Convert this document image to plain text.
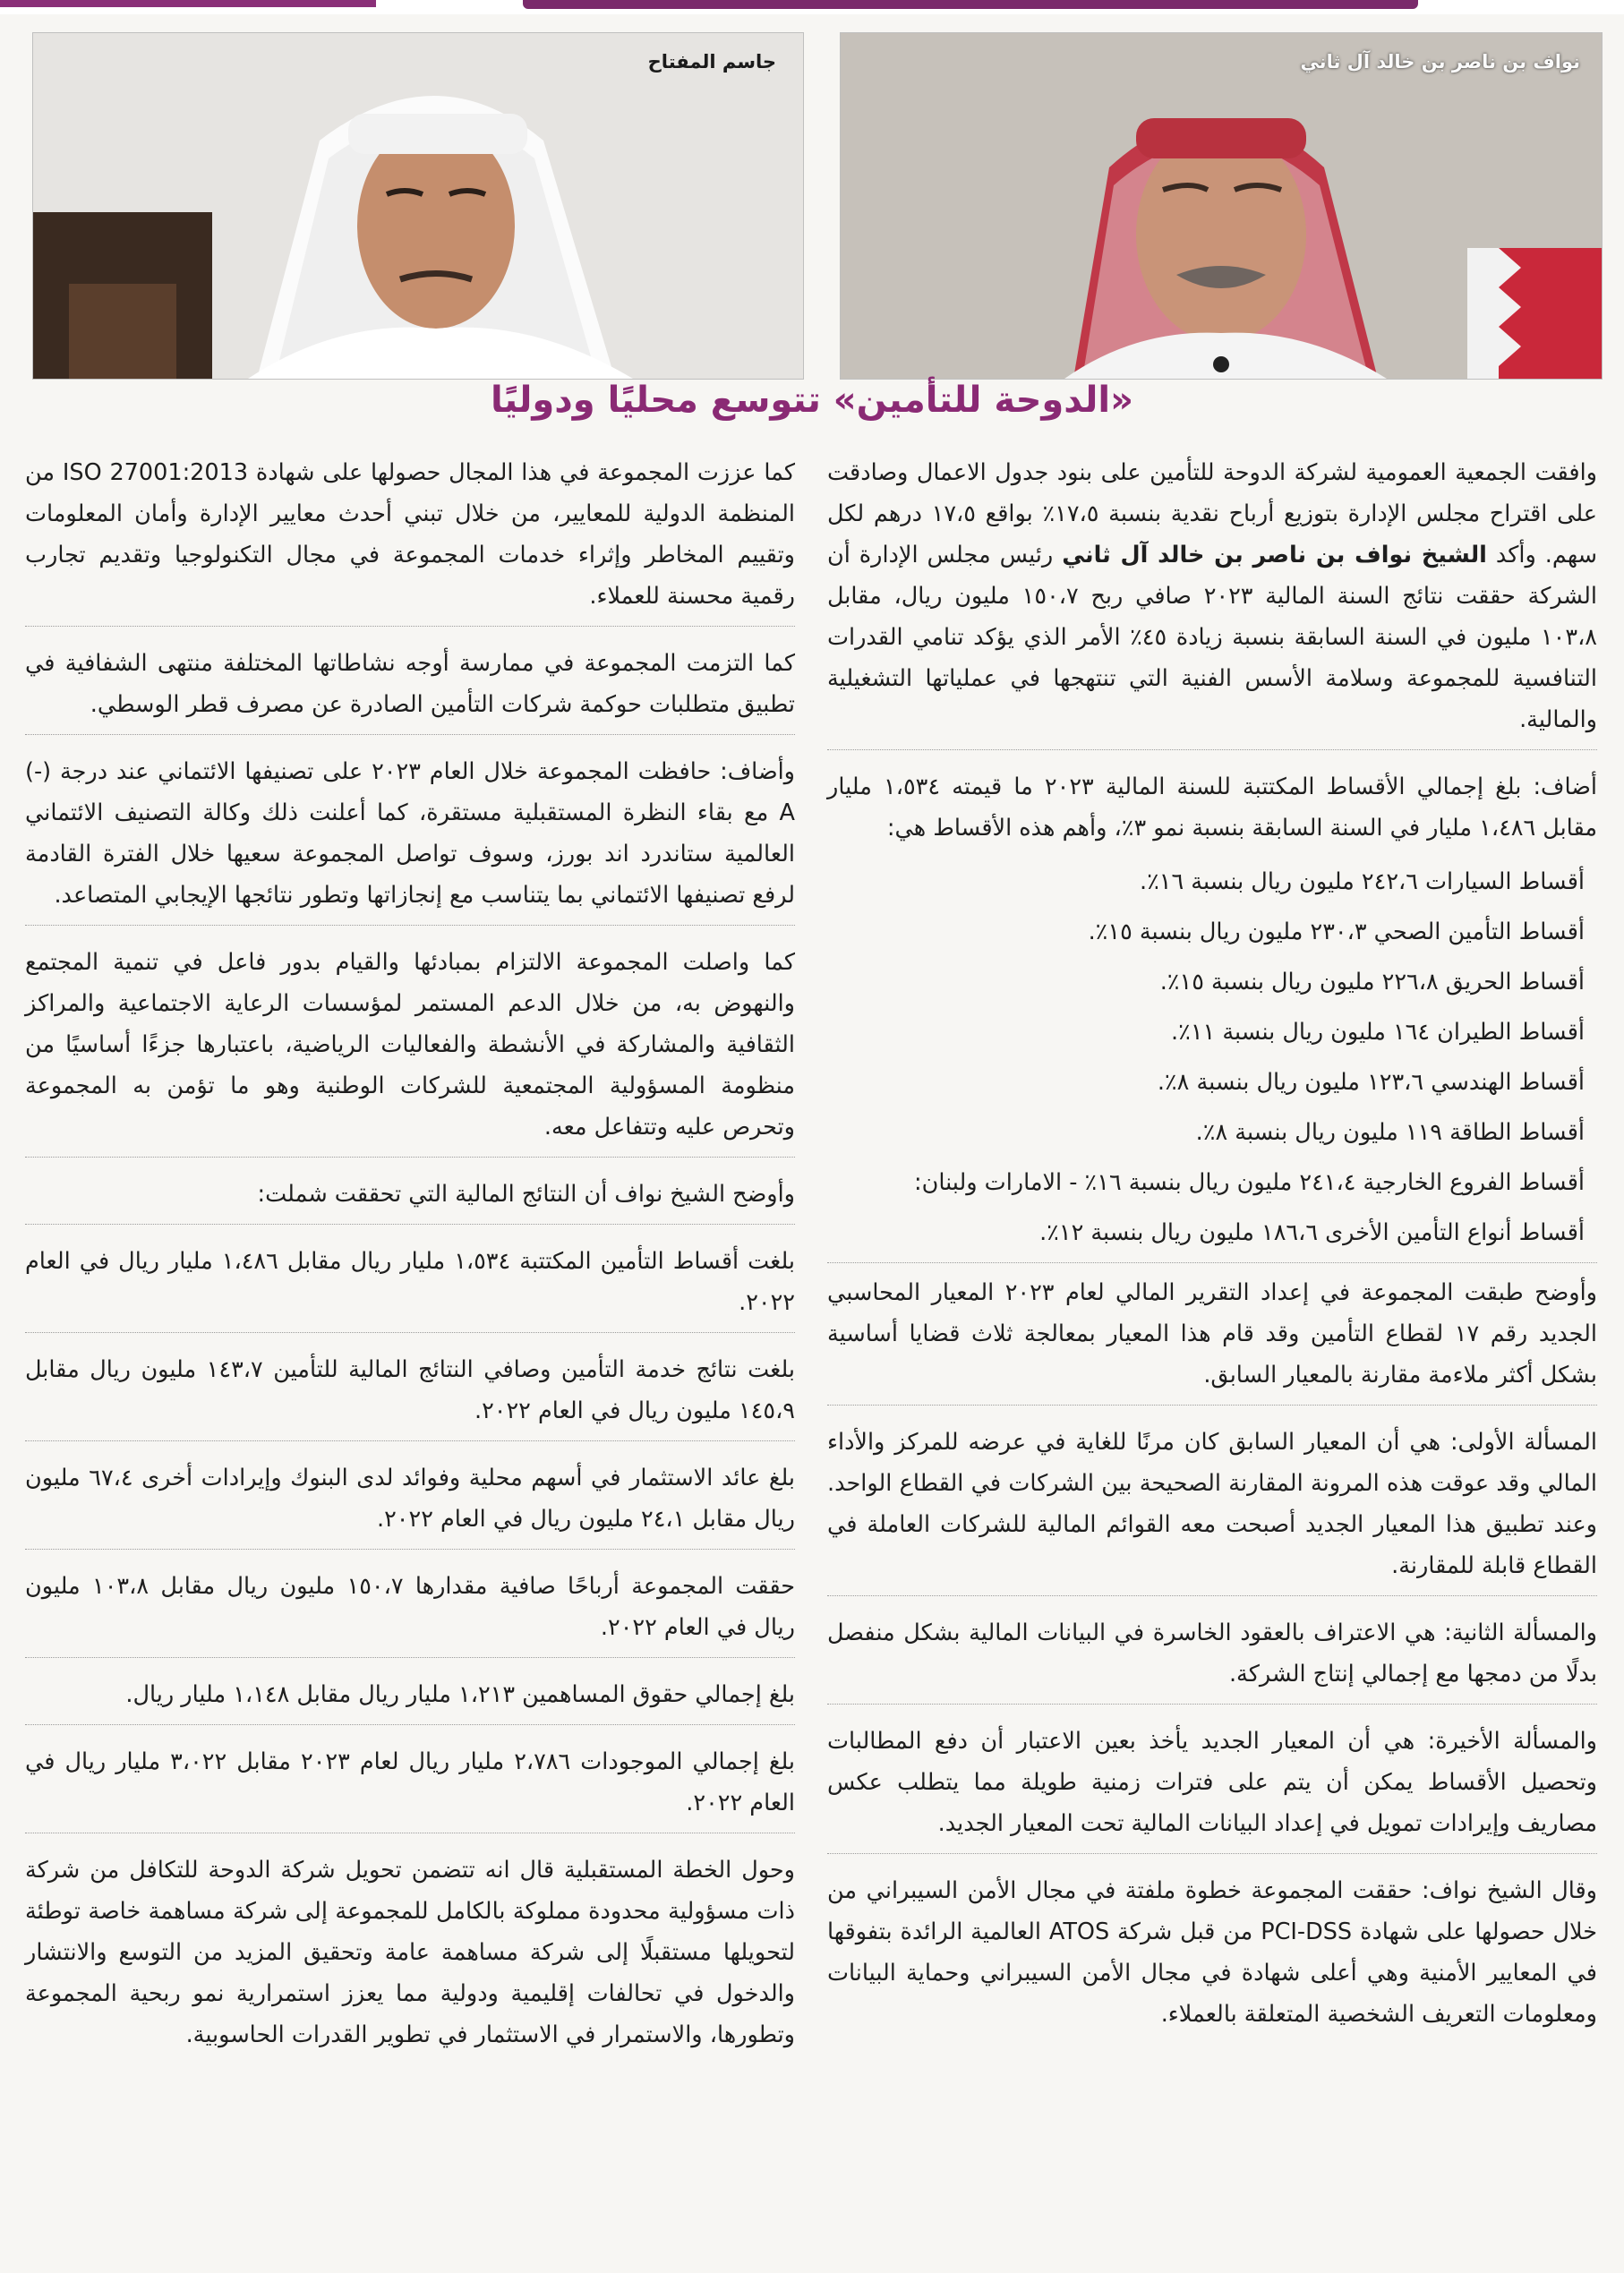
نواف بن ناصر بن خالد آل ثاني
جاسم المفتاح
«الدوحة للتأمين» تتوسع محليًا ودوليًا

وافقت الجمعية العمومية لشركة الدوحة للتأمين على بنود جدول الاعمال وصادقت على اقتراح مجلس الإدارة بتوزيع أرباح نقدية بنسبة ١٧،٥٪ بواقع ١٧،٥ درهم لكل سهم. وأكد الشيخ نواف بن ناصر بن خالد آل ثاني رئيس مجلس الإدارة أن الشركة حققت نتائج السنة المالية ٢٠٢٣ صافي ربح ١٥٠،٧ مليون ريال، مقابل ١٠٣،٨ مليون في السنة السابقة بنسبة زيادة ٤٥٪ الأمر الذي يؤكد تنامي القدرات التنافسية للمجموعة وسلامة الأسس الفنية التي تنتهجها في عملياتها التشغيلية والمالية.

أضاف: بلغ إجمالي الأقساط المكتتبة للسنة المالية ٢٠٢٣ ما قيمته ١،٥٣٤ مليار مقابل ١،٤٨٦ مليار في السنة السابقة بنسبة نمو ٣٪، وأهم هذه الأقساط هي:

أقساط السيارات ٢٤٢،٦ مليون ريال بنسبة ١٦٪.

أقساط التأمين الصحي ٢٣٠،٣ مليون ريال بنسبة ١٥٪.

أقساط الحريق ٢٢٦،٨ مليون ريال بنسبة ١٥٪.

أقساط الطيران ١٦٤ مليون ريال بنسبة ١١٪.

أقساط الهندسي ١٢٣،٦ مليون ريال بنسبة ٨٪.

أقساط الطاقة ١١٩ مليون ريال بنسبة ٨٪.

أقساط الفروع الخارجية ٢٤١،٤ مليون ريال بنسبة ١٦٪ - الامارات ولبنان:

أقساط أنواع التأمين الأخرى ١٨٦،٦ مليون ريال بنسبة ١٢٪.

وأوضح طبقت المجموعة في إعداد التقرير المالي لعام ٢٠٢٣ المعيار المحاسبي الجديد رقم ١٧ لقطاع التأمين وقد قام هذا المعيار بمعالجة ثلاث قضايا أساسية بشكل أكثر ملاءمة مقارنة بالمعيار السابق.

المسألة الأولى: هي أن المعيار السابق كان مرنًا للغاية في عرضه للمركز والأداء المالي وقد عوقت هذه المرونة المقارنة الصحيحة بين الشركات في القطاع الواحد. وعند تطبيق هذا المعيار الجديد أصبحت معه القوائم المالية للشركات العاملة في القطاع قابلة للمقارنة.

والمسألة الثانية: هي الاعتراف بالعقود الخاسرة في البيانات المالية بشكل منفصل بدلًا من دمجها مع إجمالي إنتاج الشركة.

والمسألة الأخيرة: هي أن المعيار الجديد يأخذ بعين الاعتبار أن دفع المطالبات وتحصيل الأقساط يمكن أن يتم على فترات زمنية طويلة مما يتطلب عكس مصاريف وإيرادات تمويل في إعداد البيانات المالية تحت المعيار الجديد.

وقال الشيخ نواف: حققت المجموعة خطوة ملفتة في مجال الأمن السيبراني من خلال حصولها على شهادة PCI-DSS من قبل شركة ATOS العالمية الرائدة بتفوقها في المعايير الأمنية وهي أعلى شهادة في مجال الأمن السيبراني وحماية البيانات ومعلومات التعريف الشخصية المتعلقة بالعملاء.

كما عززت المجموعة في هذا المجال حصولها على شهادة ISO 27001:2013 من المنظمة الدولية للمعايير، من خلال تبني أحدث معايير الإدارة وأمان المعلومات وتقييم المخاطر وإثراء خدمات المجموعة في مجال التكنولوجيا وتقديم تجارب رقمية محسنة للعملاء.

كما التزمت المجموعة في ممارسة أوجه نشاطاتها المختلفة منتهى الشفافية في تطبيق متطلبات حوكمة شركات التأمين الصادرة عن مصرف قطر الوسطي.

وأضاف: حافظت المجموعة خلال العام ٢٠٢٣ على تصنيفها الائتماني عند درجة (-) A مع بقاء النظرة المستقبلية مستقرة، كما أعلنت ذلك وكالة التصنيف الائتماني العالمية ستاندرد اند بورز، وسوف تواصل المجموعة سعيها خلال الفترة القادمة لرفع تصنيفها الائتماني بما يتناسب مع إنجازاتها وتطور نتائجها الإيجابي المتصاعد.

كما واصلت المجموعة الالتزام بمبادئها والقيام بدور فاعل في تنمية المجتمع والنهوض به، من خلال الدعم المستمر لمؤسسات الرعاية الاجتماعية والمراكز الثقافية والمشاركة في الأنشطة والفعاليات الرياضية، باعتبارها جزءًا أساسيًا من منظومة المسؤولية المجتمعية للشركات الوطنية وهو ما تؤمن به المجموعة وتحرص عليه وتتفاعل معه.

وأوضح الشيخ نواف أن النتائج المالية التي تحققت شملت:

بلغت أقساط التأمين المكتتبة ١،٥٣٤ مليار ريال مقابل ١،٤٨٦ مليار ريال في العام ٢٠٢٢.

بلغت نتائج خدمة التأمين وصافي النتائج المالية للتأمين ١٤٣،٧ مليون ريال مقابل ١٤٥،٩ مليون ريال في العام ٢٠٢٢.

بلغ عائد الاستثمار في أسهم محلية وفوائد لدى البنوك وإيرادات أخرى ٦٧،٤ مليون ريال مقابل ٢٤،١ مليون ريال في العام ٢٠٢٢.

حققت المجموعة أرباحًا صافية مقدارها ١٥٠،٧ مليون ريال مقابل ١٠٣،٨ مليون ريال في العام ٢٠٢٢.

بلغ إجمالي حقوق المساهمين ١،٢١٣ مليار ريال مقابل ١،١٤٨ مليار ريال.

بلغ إجمالي الموجودات ٢،٧٨٦ مليار ريال لعام ٢٠٢٣ مقابل ٣،٠٢٢ مليار ريال في العام ٢٠٢٢.

وحول الخطة المستقبلية قال انه تتضمن تحويل شركة الدوحة للتكافل من شركة ذات مسؤولية محدودة مملوكة بالكامل للمجموعة إلى شركة مساهمة خاصة توطئة لتحويلها مستقبلًا إلى شركة مساهمة عامة وتحقيق المزيد من التوسع والانتشار والدخول في تحالفات إقليمية ودولية مما يعزز استمرارية نمو ربحية المجموعة وتطورها، والاستمرار في الاستثمار في تطوير القدرات الحاسوبية.
